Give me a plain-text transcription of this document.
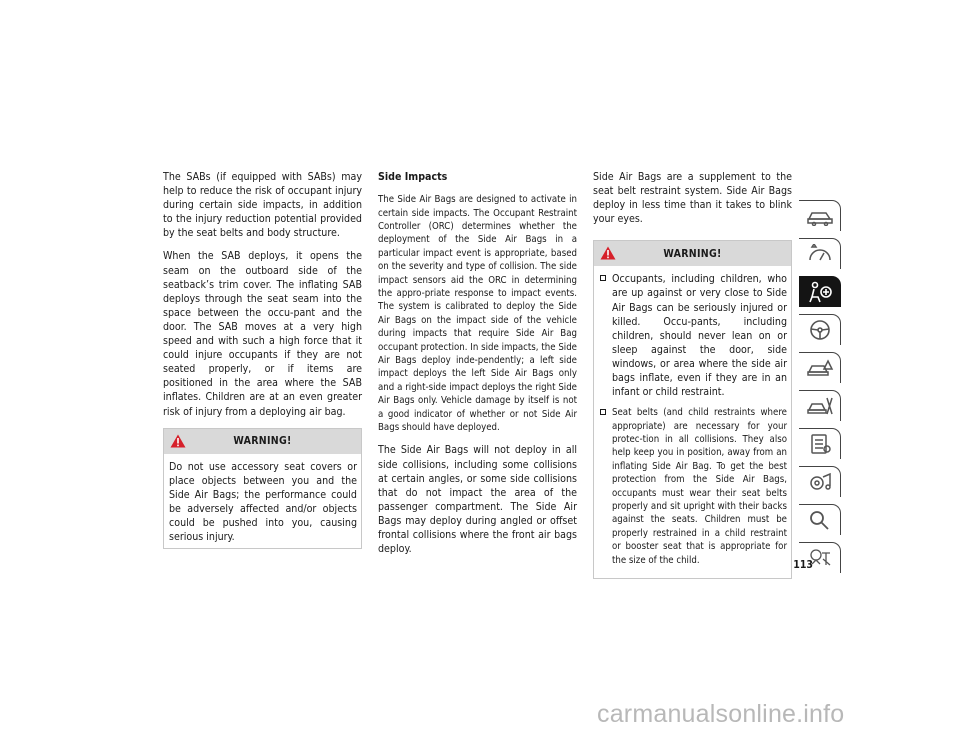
The SABs (if equipped with SABs) may help to reduce the risk of occupant injury during certain side impacts, in addition to the injury reduction potential provided by the seat belts and body structure.

When the SAB deploys, it opens the seam on the outboard side of the seatback’s trim cover. The inflating SAB deploys through the seat seam into the space between the occu-pant and the door. The SAB moves at a very high speed and with such a high force that it could injure occupants if they are not seated properly, or if items are positioned in the area where the SAB inflates. Children are at an even greater risk of injury from a deploying air bag.

WARNING!
Do not use accessory seat covers or place objects between you and the Side Air Bags; the performance could be adversely affected and/or objects could be pushed into you, causing serious injury.
Side Impacts

The Side Air Bags are designed to activate in certain side impacts. The Occupant Restraint Controller (ORC) determines whether the deployment of the Side Air Bags in a particular impact event is appropriate, based on the severity and type of collision. The side impact sensors aid the ORC in determining the appro-priate response to impact events. The system is calibrated to deploy the Side Air Bags on the impact side of the vehicle during impacts that require Side Air Bag occupant protection. In side impacts, the Side Air Bags deploy inde-pendently; a left side impact deploys the left Side Air Bags only and a right-side impact deploys the right Side Air Bags only. Vehicle damage by itself is not a good indicator of whether or not Side Air Bags should have deployed.

The Side Air Bags will not deploy in all side collisions, including some collisions at certain angles, or some side collisions that do not impact the area of the passenger compartment. The Side Air Bags may deploy during angled or offset frontal collisions where the front air bags deploy.

Side Air Bags are a supplement to the seat belt restraint system. Side Air Bags deploy in less time than it takes to blink your eyes.

WARNING!
Occupants, including children, who are up against or very close to Side Air Bags can be seriously injured or killed. Occu-pants, including children, should never lean on or sleep against the door, side windows, or area where the side air bags inflate, even if they are in an infant or child restraint.
Seat belts (and child restraints where appropriate) are necessary for your protec-tion in all collisions. They also help keep you in position, away from an inflating Side Air Bag. To get the best protection from the Side Air Bags, occupants must wear their seat belts properly and sit upright with their backs against the seats. Children must be properly restrained in a child restraint or booster seat that is appropriate for the size of the child.	113
carmanualsonline.info
